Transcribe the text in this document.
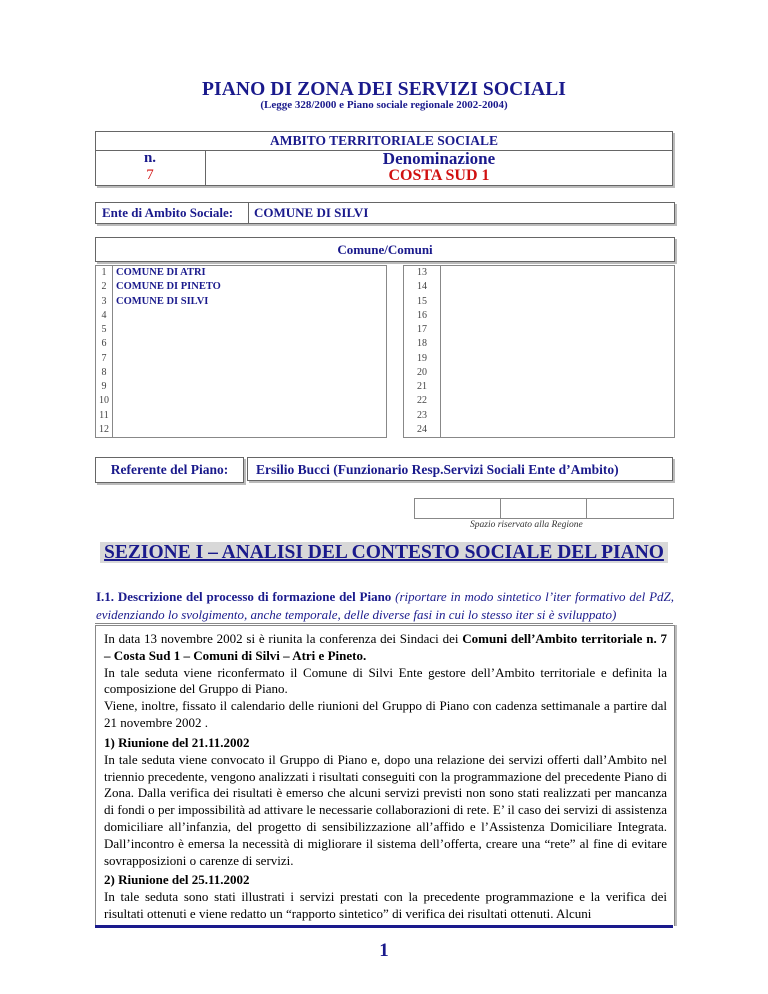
PIANO DI ZONA DEI SERVIZI SOCIALI
(Legge 328/2000 e Piano sociale regionale 2002-2004)
AMBITO TERRITORIALE SOCIALE
n.
7
Denominazione
COSTA SUD 1
Ente di Ambito Sociale: COMUNE DI SILVI
Comune/Comuni
1 COMUNE DI ATRI
2 COMUNE DI PINETO
3 COMUNE DI SILVI
4
5
6
7
8
9
10
11
12
13
14
15
16
17
18
19
20
21
22
23
24
Referente del Piano:	Ersilio Bucci (Funzionario Resp.Servizi Sociali Ente d’Ambito)
Spazio riservato alla Regione
SEZIONE I – ANALISI DEL CONTESTO SOCIALE DEL PIANO
I.1. Descrizione del processo di formazione del Piano (riportare in modo sintetico l’iter formativo del PdZ, evidenziando lo svolgimento, anche temporale, delle diverse fasi in cui lo stesso iter si è sviluppato)
In data 13 novembre 2002 si è riunita la conferenza dei Sindaci dei Comuni dell’Ambito territoriale n. 7 – Costa Sud 1 – Comuni di Silvi – Atri e Pineto.
In tale seduta viene riconfermato il Comune di Silvi Ente gestore dell’Ambito territoriale e definita la composizione del Gruppo di Piano.
Viene, inoltre, fissato il calendario delle riunioni del Gruppo di Piano con cadenza settimanale a partire dal 21 novembre 2002 .
1) Riunione del 21.11.2002
In tale seduta viene convocato il Gruppo di Piano e, dopo una relazione dei servizi offerti dall’Ambito nel triennio precedente, vengono analizzati i risultati conseguiti con la programmazione del precedente Piano di Zona. Dalla verifica dei risultati è emerso che alcuni servizi previsti non sono stati realizzati per mancanza di fondi o per impossibilità ad attivare le necessarie collaborazioni di rete. E’ il caso dei servizi di assistenza domiciliare all’infanzia, del progetto di sensibilizzazione all’affido e l’Assistenza Domiciliare Integrata. Dall’incontro è emersa la necessità di migliorare il sistema dell’offerta, creare una “rete” al fine di evitare sovrapposizioni o carenze di servizi.
2) Riunione del 25.11.2002
In tale seduta sono stati illustrati i servizi prestati con la precedente programmazione e la verifica dei risultati ottenuti e viene redatto un “rapporto sintetico” di verifica dei risultati ottenuti. Alcuni
1
